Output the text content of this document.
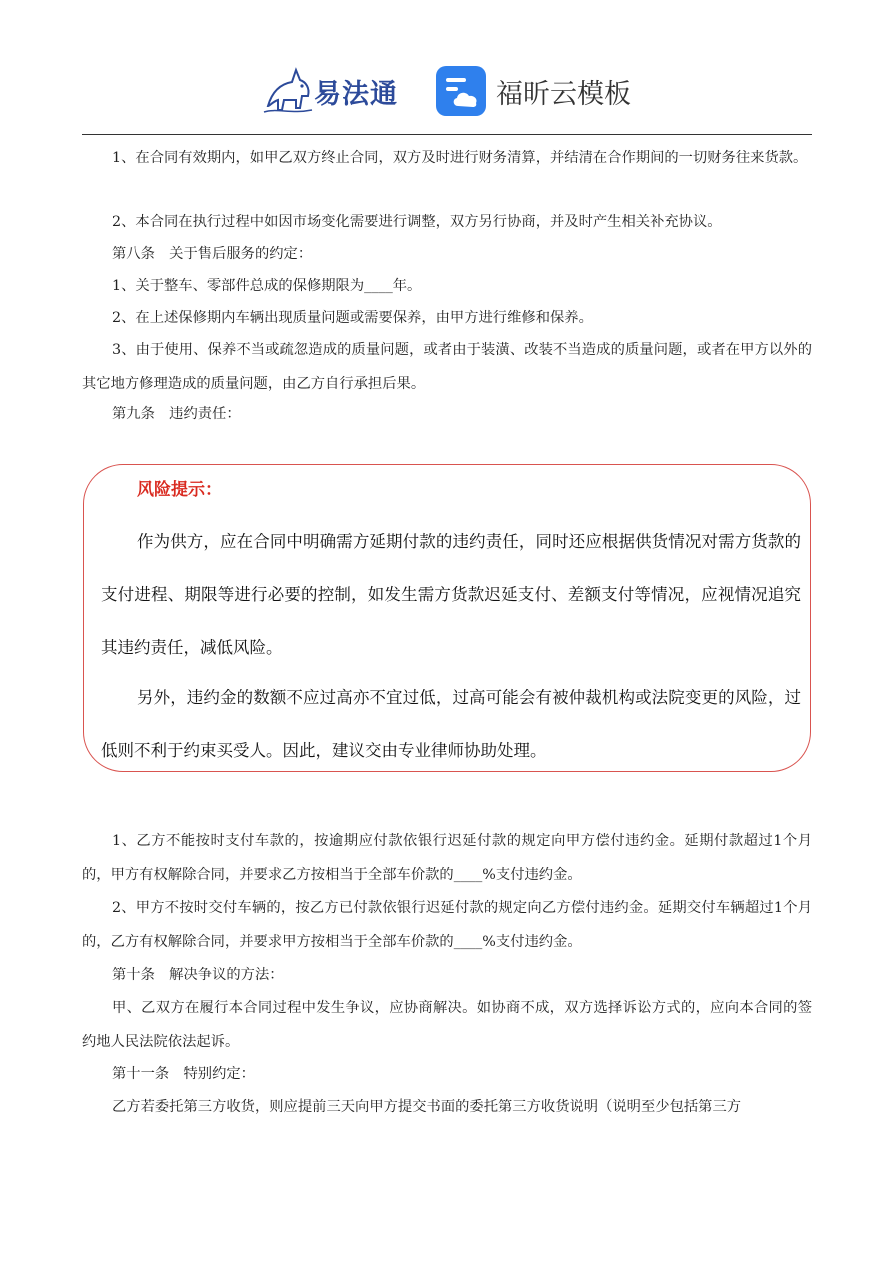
易法通	福昕云模板
1、在合同有效期内，如甲乙双方终止合同，双方及时进行财务清算，并结清在合作期间的一切财务往来货款。
2、本合同在执行过程中如因市场变化需要进行调整，双方另行协商，并及时产生相关补充协议。
第八条　关于售后服务的约定：
1、关于整车、零部件总成的保修期限为____年。
2、在上述保修期内车辆出现质量问题或需要保养，由甲方进行维修和保养。
3、由于使用、保养不当或疏忽造成的质量问题，或者由于装潢、改装不当造成的质量问题，或者在甲方以外的其它地方修理造成的质量问题，由乙方自行承担后果。
第九条　违约责任：
风险提示：
作为供方，应在合同中明确需方延期付款的违约责任，同时还应根据供货情况对需方货款的支付进程、期限等进行必要的控制，如发生需方货款迟延支付、差额支付等情况，应视情况追究其违约责任，减低风险。
另外，违约金的数额不应过高亦不宜过低，过高可能会有被仲裁机构或法院变更的风险，过低则不利于约束买受人。因此，建议交由专业律师协助处理。
1、乙方不能按时支付车款的，按逾期应付款依银行迟延付款的规定向甲方偿付违约金。延期付款超过1个月的，甲方有权解除合同，并要求乙方按相当于全部车价款的____%支付违约金。
2、甲方不按时交付车辆的，按乙方已付款依银行迟延付款的规定向乙方偿付违约金。延期交付车辆超过1个月的，乙方有权解除合同，并要求甲方按相当于全部车价款的____%支付违约金。
第十条　解决争议的方法：
甲、乙双方在履行本合同过程中发生争议，应协商解决。如协商不成，双方选择诉讼方式的，应向本合同的签约地人民法院依法起诉。
第十一条　特别约定：
乙方若委托第三方收货，则应提前三天向甲方提交书面的委托第三方收货说明（说明至少包括第三方
